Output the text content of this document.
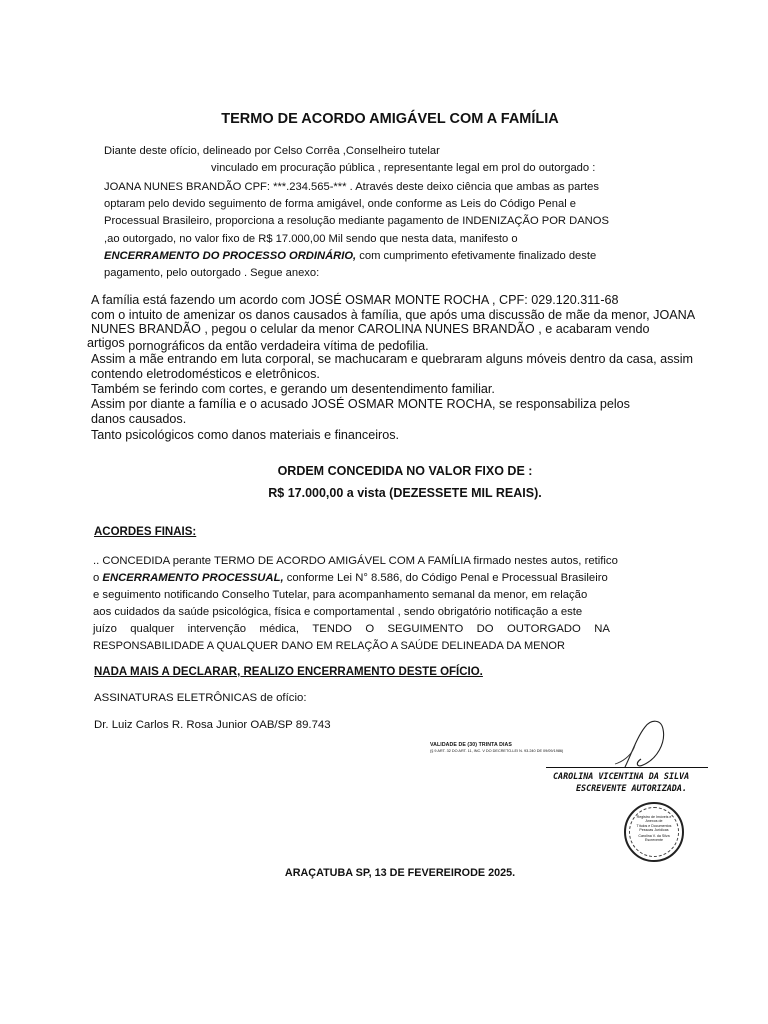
TERMO DE ACORDO AMIGÁVEL COM A FAMÍLIA
Diante deste ofício, delineado por Celso Corrêa ,Conselheiro tutelar
vinculado em procuração pública , representante legal em prol do outorgado :
JOANA NUNES BRANDÃO CPF: ***.234.565-*** . Através deste deixo ciência que ambas as partes
optaram pelo devido seguimento de forma amigável, onde conforme as Leis do Código Penal e
Processual Brasileiro, proporciona a resolução mediante pagamento de INDENIZAÇÃO POR DANOS
,ao outorgado, no valor fixo de R$ 17.000,00 Mil sendo que nesta data, manifesto o
ENCERRAMENTO DO PROCESSO ORDINÁRIO, com cumprimento efetivamente finalizado deste
pagamento, pelo outorgado . Segue anexo:
A família está fazendo um acordo com JOSÉ OSMAR MONTE ROCHA , CPF: 029.120.311-68
com o intuito de amenizar os danos causados à família, que após uma discussão de mãe da menor, JOANA
NUNES BRANDÃO , pegou o celular da menor CAROLINA NUNES BRANDÃO , e acabaram vendo
artigos pornográficos da então verdadeira vítima de pedofilia.
Assim a mãe entrando em luta corporal, se machucaram e quebraram alguns móveis dentro da casa, assim
contendo eletrodomésticos e eletrônicos.
Também se ferindo com cortes, e gerando um desentendimento familiar.
Assim por diante a família e o acusado JOSÉ OSMAR MONTE ROCHA, se responsabiliza pelos
danos causados.
Tanto psicológicos como danos materiais e financeiros.
ORDEM CONCEDIDA NO VALOR FIXO DE :
R$ 17.000,00 a vista (DEZESSETE MIL REAIS).
ACORDES FINAIS:
.. CONCEDIDA perante TERMO DE ACORDO AMIGÁVEL COM A FAMÍLIA firmado nestes autos, retifico
o ENCERRAMENTO PROCESSUAL, conforme Lei N° 8.586, do Código Penal e Processual Brasileiro
e seguimento notificando Conselho Tutelar, para acompanhamento semanal da menor, em relação
aos cuidados da saúde psicológica, física e comportamental , sendo obrigatório notificação a este
juízo qualquer intervenção médica, TENDO O SEGUIMENTO DO OUTORGADO NA
RESPONSABILIDADE A QUALQUER DANO EM RELAÇÃO A SAÚDE DELINEADA DA MENOR
NADA MAIS A DECLARAR, REALIZO ENCERRAMENTO DESTE OFÍCIO.
ASSINATURAS ELETRÔNICAS de ofício:
Dr. Luiz Carlos R. Rosa Junior OAB/SP 89.743
VALIDADE DE (30) TRINTA DIAS
(§ 9 ART. 32 DO ART. 11, INC. V DO DECRETO-LEI N. 93.240 DE 09/09/1986)
CAROLINA VICENTINA DA SILVA
ESCREVENTE AUTORIZADA.
Registro de Imóveis e
Anexos de
Títulos e Documentos
Pessoas Jurídicas
Carolina V. da Silva
Escrevente
ARAÇATUBA SP, 13 DE FEVEREIRODE 2025.
